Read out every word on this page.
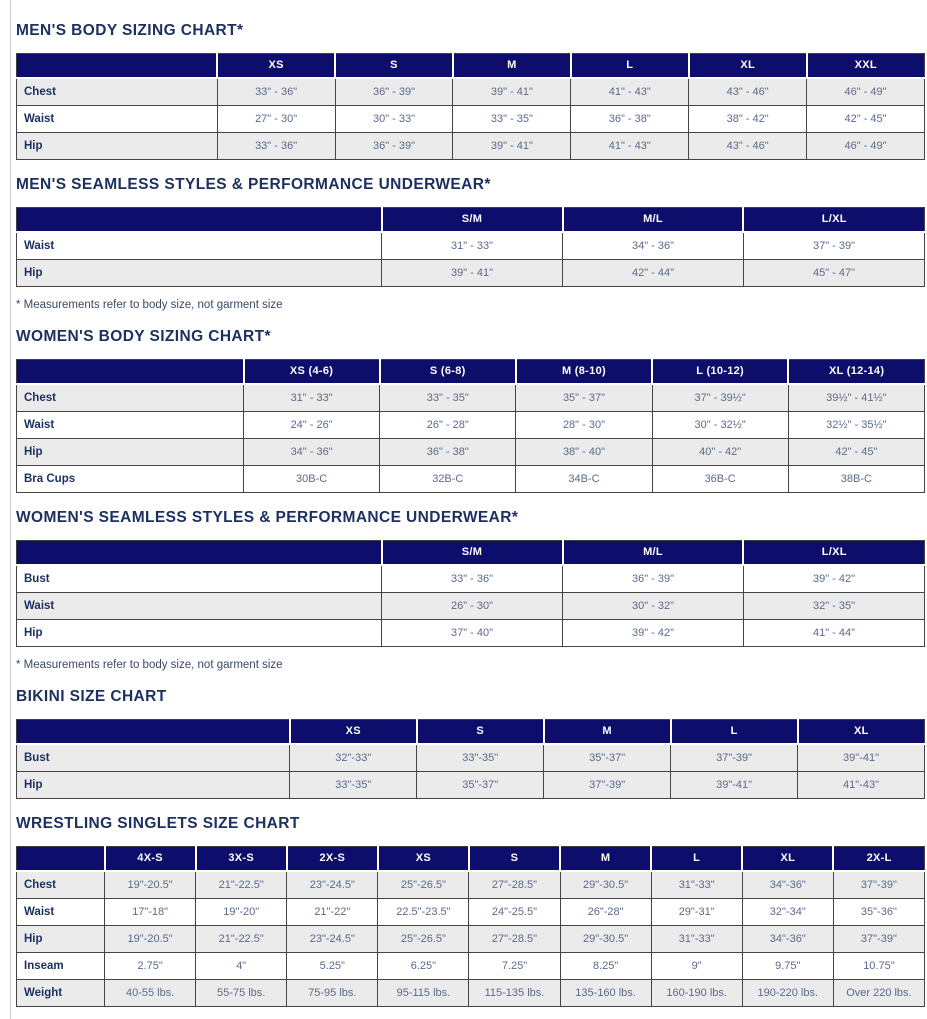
MEN'S BODY SIZING CHART*
	XS	S	M	L	XL	XXL
Chest	33" - 36"	36" - 39"	39" - 41"	41" - 43"	43" - 46"	46" - 49"
Waist	27" - 30"	30" - 33"	33" - 35"	36" - 38"	38" - 42"	42" - 45"
Hip	33" - 36"	36" - 39"	39" - 41"	41" - 43"	43" - 46"	46" - 49"
MEN'S SEAMLESS STYLES & PERFORMANCE UNDERWEAR*
	S/M	M/L	L/XL
Waist	31" - 33"	34" - 36"	37" - 39"
Hip	39" - 41"	42" - 44"	45" - 47"

* Measurements refer to body size, not garment size

WOMEN'S BODY SIZING CHART*
	XS (4-6)	S (6-8)	M (8-10)	L (10-12)	XL (12-14)
Chest	31" - 33"	33" - 35"	35" - 37"	37" - 39½"	39½" - 41½"
Waist	24" - 26"	26" - 28"	28" - 30"	30" - 32½"	32½" - 35½"
Hip	34" - 36"	36" - 38"	38" - 40"	40" - 42"	42" - 45"
Bra Cups	30B-C	32B-C	34B-C	36B-C	38B-C
WOMEN'S SEAMLESS STYLES & PERFORMANCE UNDERWEAR*
	S/M	M/L	L/XL
Bust	33" - 36"	36" - 39"	39" - 42"
Waist	26" - 30"	30" - 32"	32" - 35"
Hip	37" - 40"	39" - 42"	41" - 44"

* Measurements refer to body size, not garment size

BIKINI SIZE CHART
	XS	S	M	L	XL
Bust	32"-33"	33"-35"	35"-37"	37"-39"	39"-41"
Hip	33"-35"	35"-37"	37"-39"	39"-41"	41"-43"
WRESTLING SINGLETS SIZE CHART
	4X-S	3X-S	2X-S	XS	S	M	L	XL	2X-L
Chest	19"-20.5"	21"-22.5"	23"-24.5"	25"-26.5"	27"-28.5"	29"-30.5"	31"-33"	34"-36"	37"-39"
Waist	17"-18"	19"-20"	21"-22"	22.5"-23.5"	24"-25.5"	26"-28"	29"-31"	32"-34"	35"-36"
Hip	19"-20.5"	21"-22.5"	23"-24.5"	25"-26.5"	27"-28.5"	29"-30.5"	31"-33"	34"-36"	37"-39"
Inseam	2.75"	4"	5.25"	6.25"	7.25"	8.25"	9"	9.75"	10.75"
Weight	40-55 lbs.	55-75 lbs.	75-95 lbs.	95-115 lbs.	115-135 lbs.	135-160 lbs.	160-190 lbs.	190-220 lbs.	Over 220 lbs.
